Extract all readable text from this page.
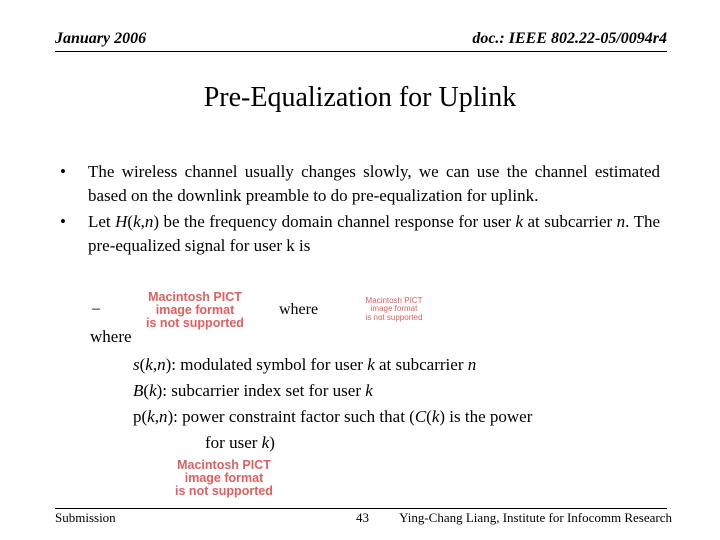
January 2006	doc.: IEEE 802.22-05/0094r4
Pre-Equalization for Uplink
•	The wireless channel usually changes slowly, we can use the channel estimated based on the downlink preamble to do pre-equalization for uplink.
•	Let H(k,n) be the frequency domain channel response for user k at subcarrier n. The pre-equalized signal for user k is
–
Macintosh PICT
image format
is not supported
where
Macintosh PICT
image format
is not supported
where
s(k,n): modulated symbol for user k at subcarrier n
B(k): subcarrier index set for user k
p(k,n): power constraint factor such that (C(k) is the power
for user k)
Macintosh PICT
image format
is not supported
Submission	43 Ying-Chang Liang, Institute for Infocomm Research
